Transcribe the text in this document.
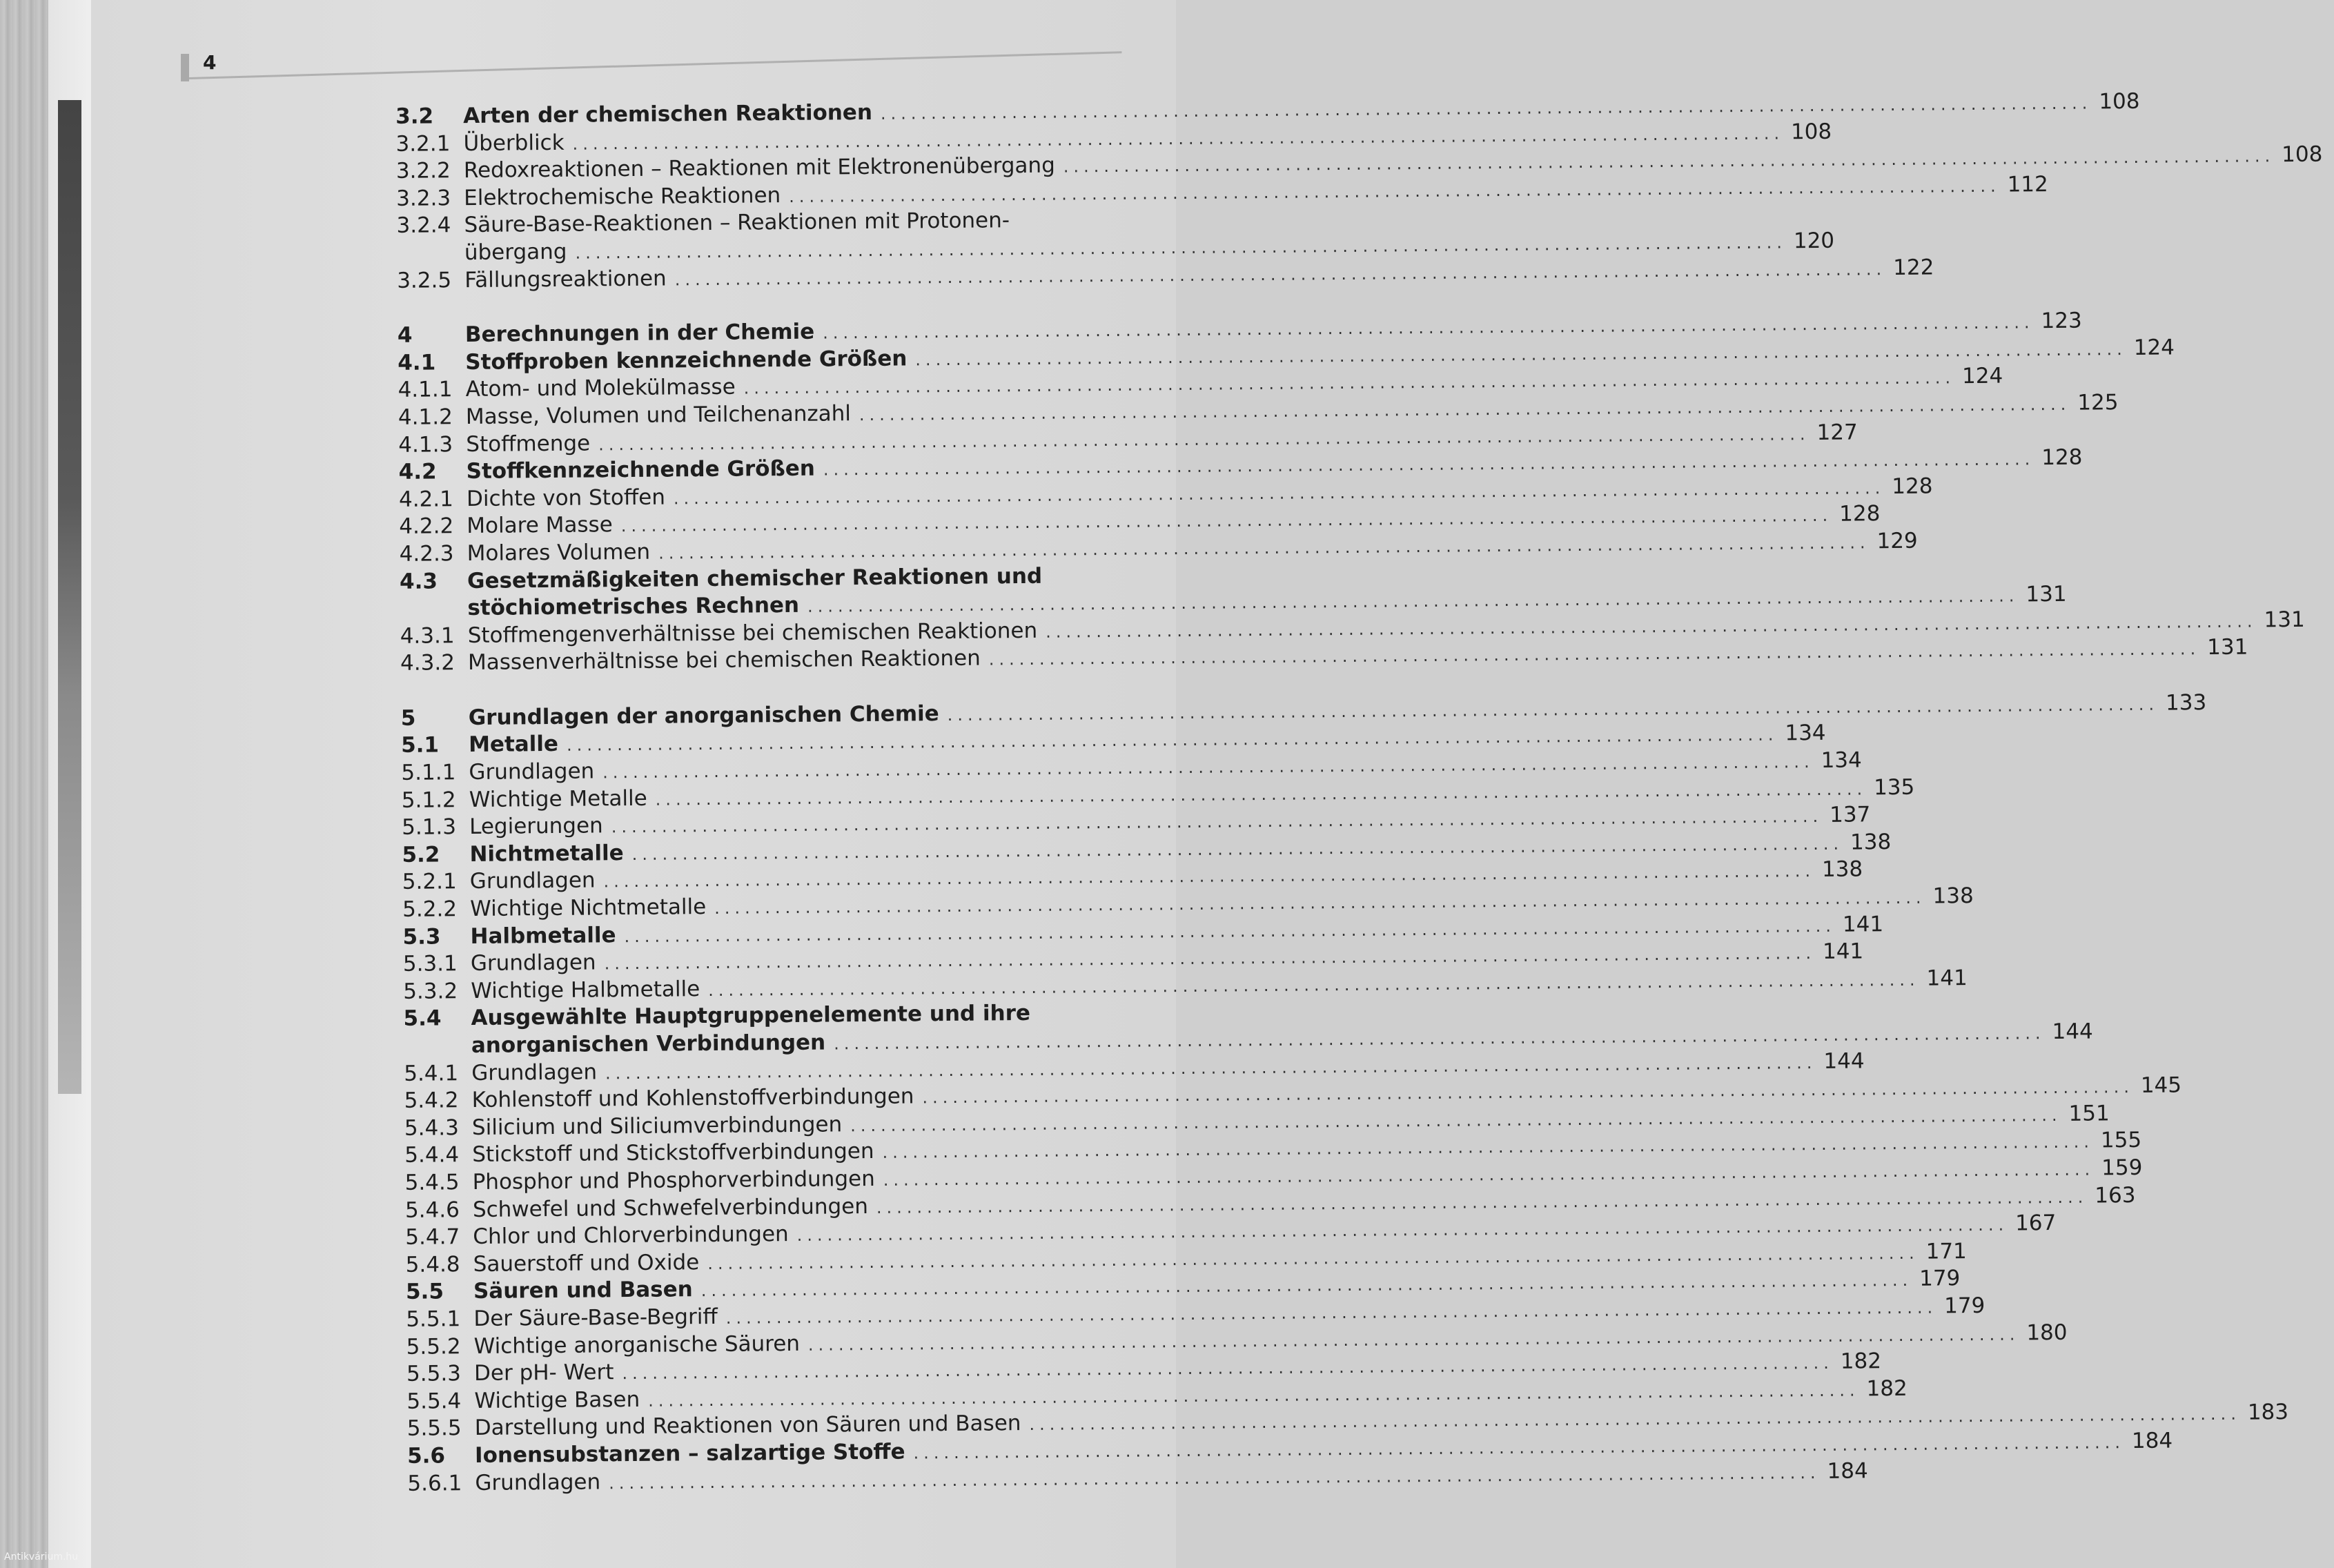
4
3.2 Arten der chemischen Reaktionen ........................................................................................................................ 108
3.2.1 Überblick ........................................................................................................................ 108
3.2.2 Redoxreaktionen – Reaktionen mit Elektronenübergang ........................................................................................................................ 108
3.2.3 Elektrochemische Reaktionen ........................................................................................................................ 112
3.2.4 Säure-Base-Reaktionen – Reaktionen mit Protonen-
übergang ........................................................................................................................ 120
3.2.5 Fällungsreaktionen ........................................................................................................................ 122
4 Berechnungen in der Chemie ........................................................................................................................ 123
4.1 Stoffproben kennzeichnende Größen ........................................................................................................................ 124
4.1.1 Atom- und Molekülmasse ........................................................................................................................ 124
4.1.2 Masse, Volumen und Teilchenanzahl ........................................................................................................................ 125
4.1.3 Stoffmenge ........................................................................................................................ 127
4.2 Stoffkennzeichnende Größen ........................................................................................................................ 128
4.2.1 Dichte von Stoffen ........................................................................................................................ 128
4.2.2 Molare Masse ........................................................................................................................ 128
4.2.3 Molares Volumen ........................................................................................................................ 129
4.3 Gesetzmäßigkeiten chemischer Reaktionen und
stöchiometrisches Rechnen ........................................................................................................................ 131
4.3.1 Stoffmengenverhältnisse bei chemischen Reaktionen ........................................................................................................................ 131
4.3.2 Massenverhältnisse bei chemischen Reaktionen ........................................................................................................................ 131
5 Grundlagen der anorganischen Chemie ........................................................................................................................ 133
5.1 Metalle ........................................................................................................................ 134
5.1.1 Grundlagen ........................................................................................................................ 134
5.1.2 Wichtige Metalle ........................................................................................................................ 135
5.1.3 Legierungen ........................................................................................................................ 137
5.2 Nichtmetalle ........................................................................................................................ 138
5.2.1 Grundlagen ........................................................................................................................ 138
5.2.2 Wichtige Nichtmetalle ........................................................................................................................ 138
5.3 Halbmetalle ........................................................................................................................ 141
5.3.1 Grundlagen ........................................................................................................................ 141
5.3.2 Wichtige Halbmetalle ........................................................................................................................ 141
5.4 Ausgewählte Hauptgruppenelemente und ihre
anorganischen Verbindungen ........................................................................................................................ 144
5.4.1 Grundlagen ........................................................................................................................ 144
5.4.2 Kohlenstoff und Kohlenstoffverbindungen ........................................................................................................................ 145
5.4.3 Silicium und Siliciumverbindungen ........................................................................................................................ 151
5.4.4 Stickstoff und Stickstoffverbindungen ........................................................................................................................ 155
5.4.5 Phosphor und Phosphorverbindungen ........................................................................................................................ 159
5.4.6 Schwefel und Schwefelverbindungen ........................................................................................................................ 163
5.4.7 Chlor und Chlorverbindungen ........................................................................................................................ 167
5.4.8 Sauerstoff und Oxide ........................................................................................................................ 171
5.5 Säuren und Basen ........................................................................................................................ 179
5.5.1 Der Säure-Base-Begriff ........................................................................................................................ 179
5.5.2 Wichtige anorganische Säuren ........................................................................................................................ 180
5.5.3 Der pH- Wert ........................................................................................................................ 182
5.5.4 Wichtige Basen ........................................................................................................................ 182
5.5.5 Darstellung und Reaktionen von Säuren und Basen ........................................................................................................................ 183
5.6 Ionensubstanzen – salzartige Stoffe ........................................................................................................................ 184
5.6.1 Grundlagen ........................................................................................................................ 184
Antikvárium.hu
